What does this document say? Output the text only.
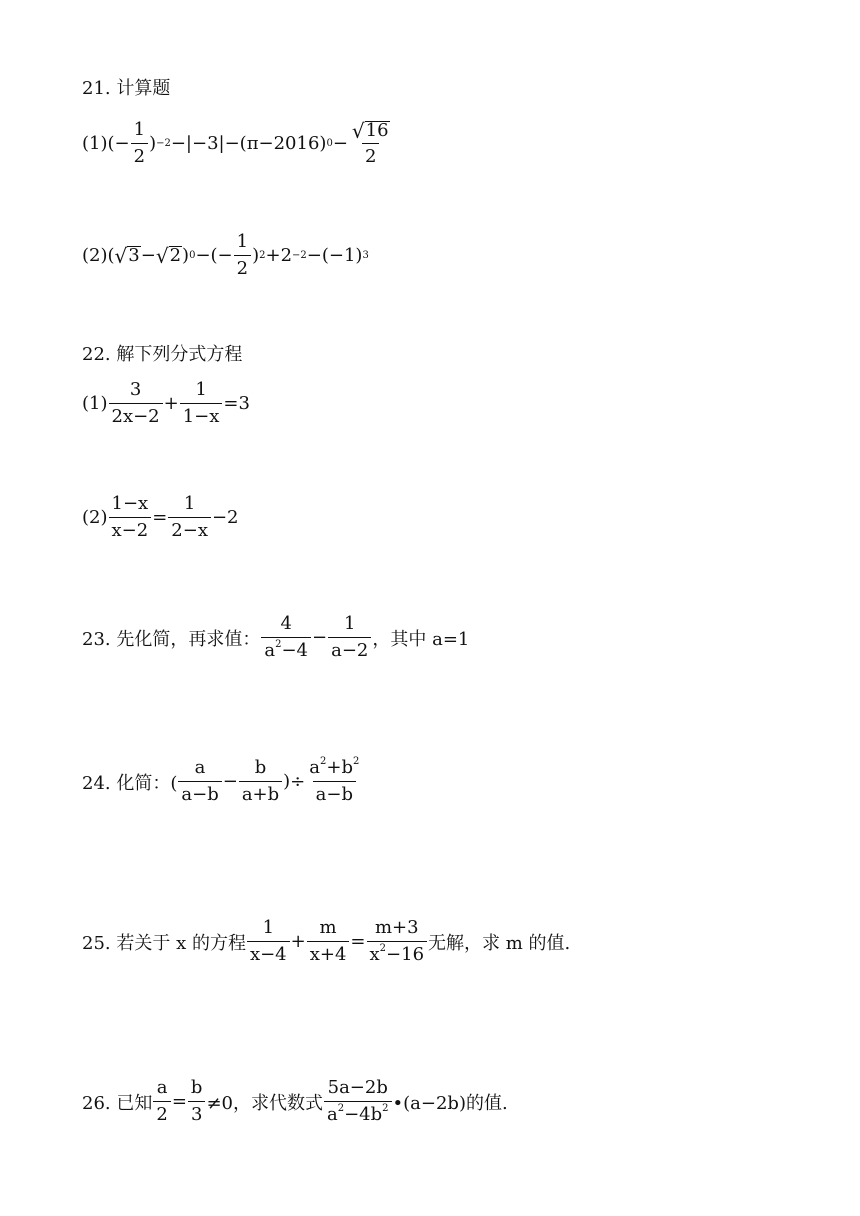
21. 计算题
(1) (− $\frac{1}{2}$ ) −2 −|−3|−(π−2016) $0 - \frac{√ 16}{2}$
(2) ( √ 3 − √ 2 ) 0 −(− $\frac{1}{2}$ ) 2 +2 −2 −(−1) 3
22. 解下列分式方程
$(1) \frac{3}{2x-2} + \frac{1}{1-x} =3$
$(2) \frac{1-x}{x-2} = \frac{1}{2-x} -2$
23. 先化简，再求值： $\frac{4}{a^2-4} - \frac{1}{a-2}$ ，其中 a=1
24. 化简：( $\frac{a}{a-b} - \frac{b}{a+b}$ )÷ $\frac{a^2+b^2}{a-b}$
25. 若关于 x 的方程 $\frac{1}{x-4} + \frac{m}{x+4} = \frac{m+3}{x^2-16}$ 无解，求 m 的值.
26. 已知 $\frac{a}{2} = \frac{b}{3} \ne 0$，求代数式 $\frac{5a-2b}{a^2-4b^2}$ •(a−2b)的值.
